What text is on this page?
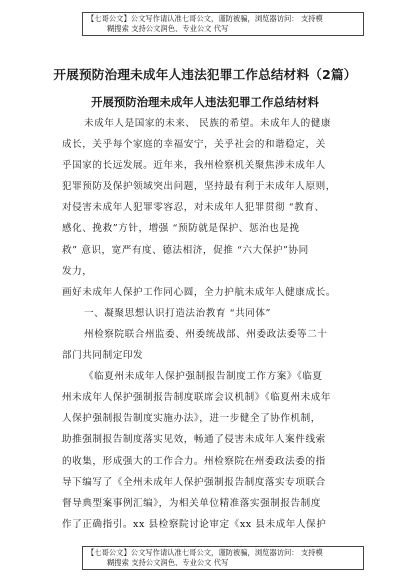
【七哥公文】公文写作请认准七哥公文，谨防被骗，浏览器访问： 支持模
糊搜索 支持公文润色、专业公文 代写
开展预防治理未成年人违法犯罪工作总结材料（2篇）
开展预防治理未成年人违法犯罪工作总结材料

未成年人是国家的未来、 民族的希望。未成年人的健康

成长，关乎每个家庭的幸福安宁，关乎社会的和谐稳定，关

乎国家的长远发展。近年来，我州检察机关聚焦涉未成年人

犯罪预防及保护领域突出问题，坚持最有利于未成年人原则，

对侵害未成年人犯罪零容忍，对未成年人犯罪贯彻 “教育、

感化、挽救”方针，增强 “预防就是保护、惩治也是挽

救” 意识，宽严有度、德法相济，促推 “六大保护”协同

发力，

画好未成年人保护工作同心圆，全力护航未成年人健康成长。

一、凝聚思想认识打造法治教育 “共同体”

州检察院联合州监委、州委统战部、州委政法委等二十

部门共同制定印发

《临夏州未成年人保护强制报告制度工作方案》《临夏

州未成年人保护强制报告制度联席会议机制》《临夏州未成年

人保护强制报告制度实施办法》，进一步健全了协作机制，

助推强制报告制度落实见效，畅通了侵害未成年人案件线索

的收集，形成强大的工作合力。州检察院在州委政法委的指

导下编写了《全州未成年人保护强制报告制度落实专项联合

督导典型案事例汇编》，为相关单位精准落实强制报告制度

作了正确指引。xx 县检察院讨论审定《xx 县未成年人保护

【七哥公文】公文写作请认准七哥公文，谨防被骗，浏览器访问： 支持模
糊搜索 支持公文润色、专业公文 代写
